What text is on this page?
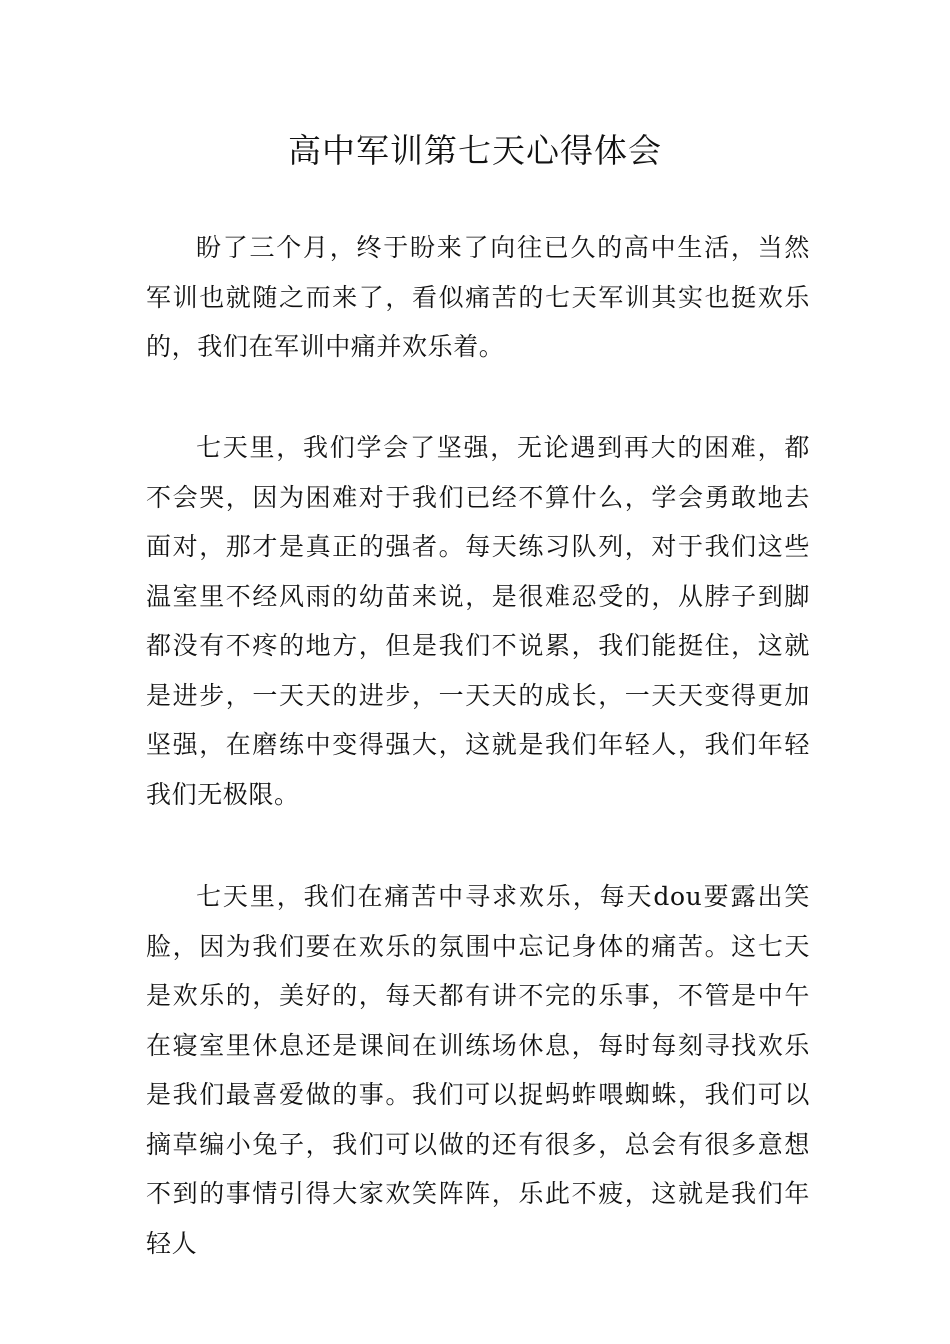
高中军训第七天心得体会

盼了三个月，终于盼来了向往已久的高中生活，当然军训也就随之而来了，看似痛苦的七天军训其实也挺欢乐的，我们在军训中痛并欢乐着。

七天里，我们学会了坚强，无论遇到再大的困难，都不会哭，因为困难对于我们已经不算什么，学会勇敢地去面对，那才是真正的强者。每天练习队列，对于我们这些温室里不经风雨的幼苗来说，是很难忍受的，从脖子到脚都没有不疼的地方，但是我们不说累，我们能挺住，这就是进步，一天天的进步，一天天的成长，一天天变得更加坚强，在磨练中变得强大，这就是我们年轻人，我们年轻我们无极限。

七天里，我们在痛苦中寻求欢乐，每天dou要露出笑脸，因为我们要在欢乐的氛围中忘记身体的痛苦。这七天是欢乐的，美好的，每天都有讲不完的乐事，不管是中午在寝室里休息还是课间在训练场休息，每时每刻寻找欢乐是我们最喜爱做的事。我们可以捉蚂蚱喂蜘蛛，我们可以摘草编小兔子，我们可以做的还有很多，总会有很多意想不到的事情引得大家欢笑阵阵，乐此不疲，这就是我们年轻人
